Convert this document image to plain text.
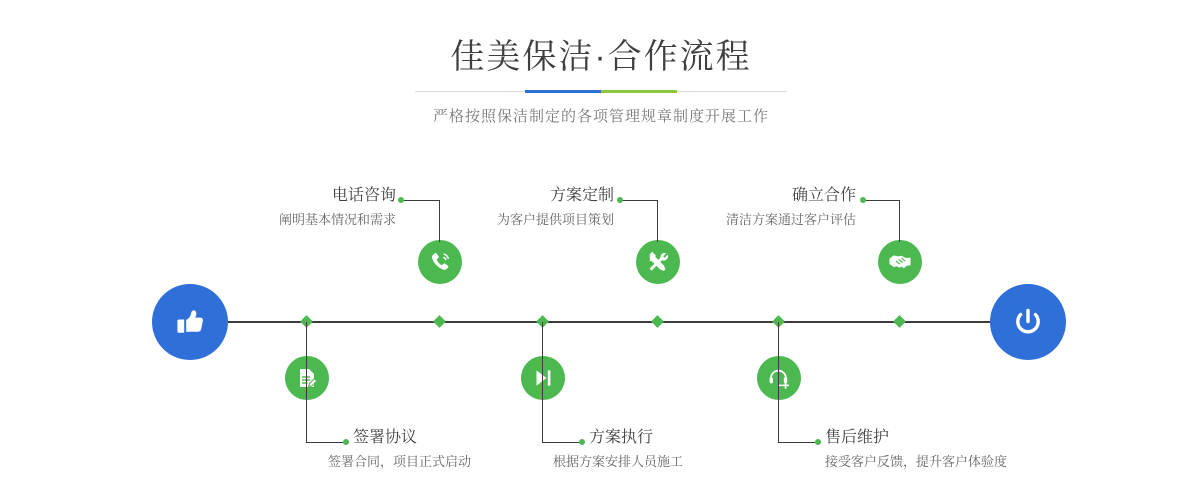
佳美保洁·合作流程

严格按照保洁制定的各项管理规章制度开展工作

电话咨询
阐明基本情况和需求
签署协议
签署合同，项目正式启动
方案定制
为客户提供项目策划
方案执行
根据方案安排人员施工
确立合作
清洁方案通过客户评估
售后维护
接受客户反馈，提升客户体验度
